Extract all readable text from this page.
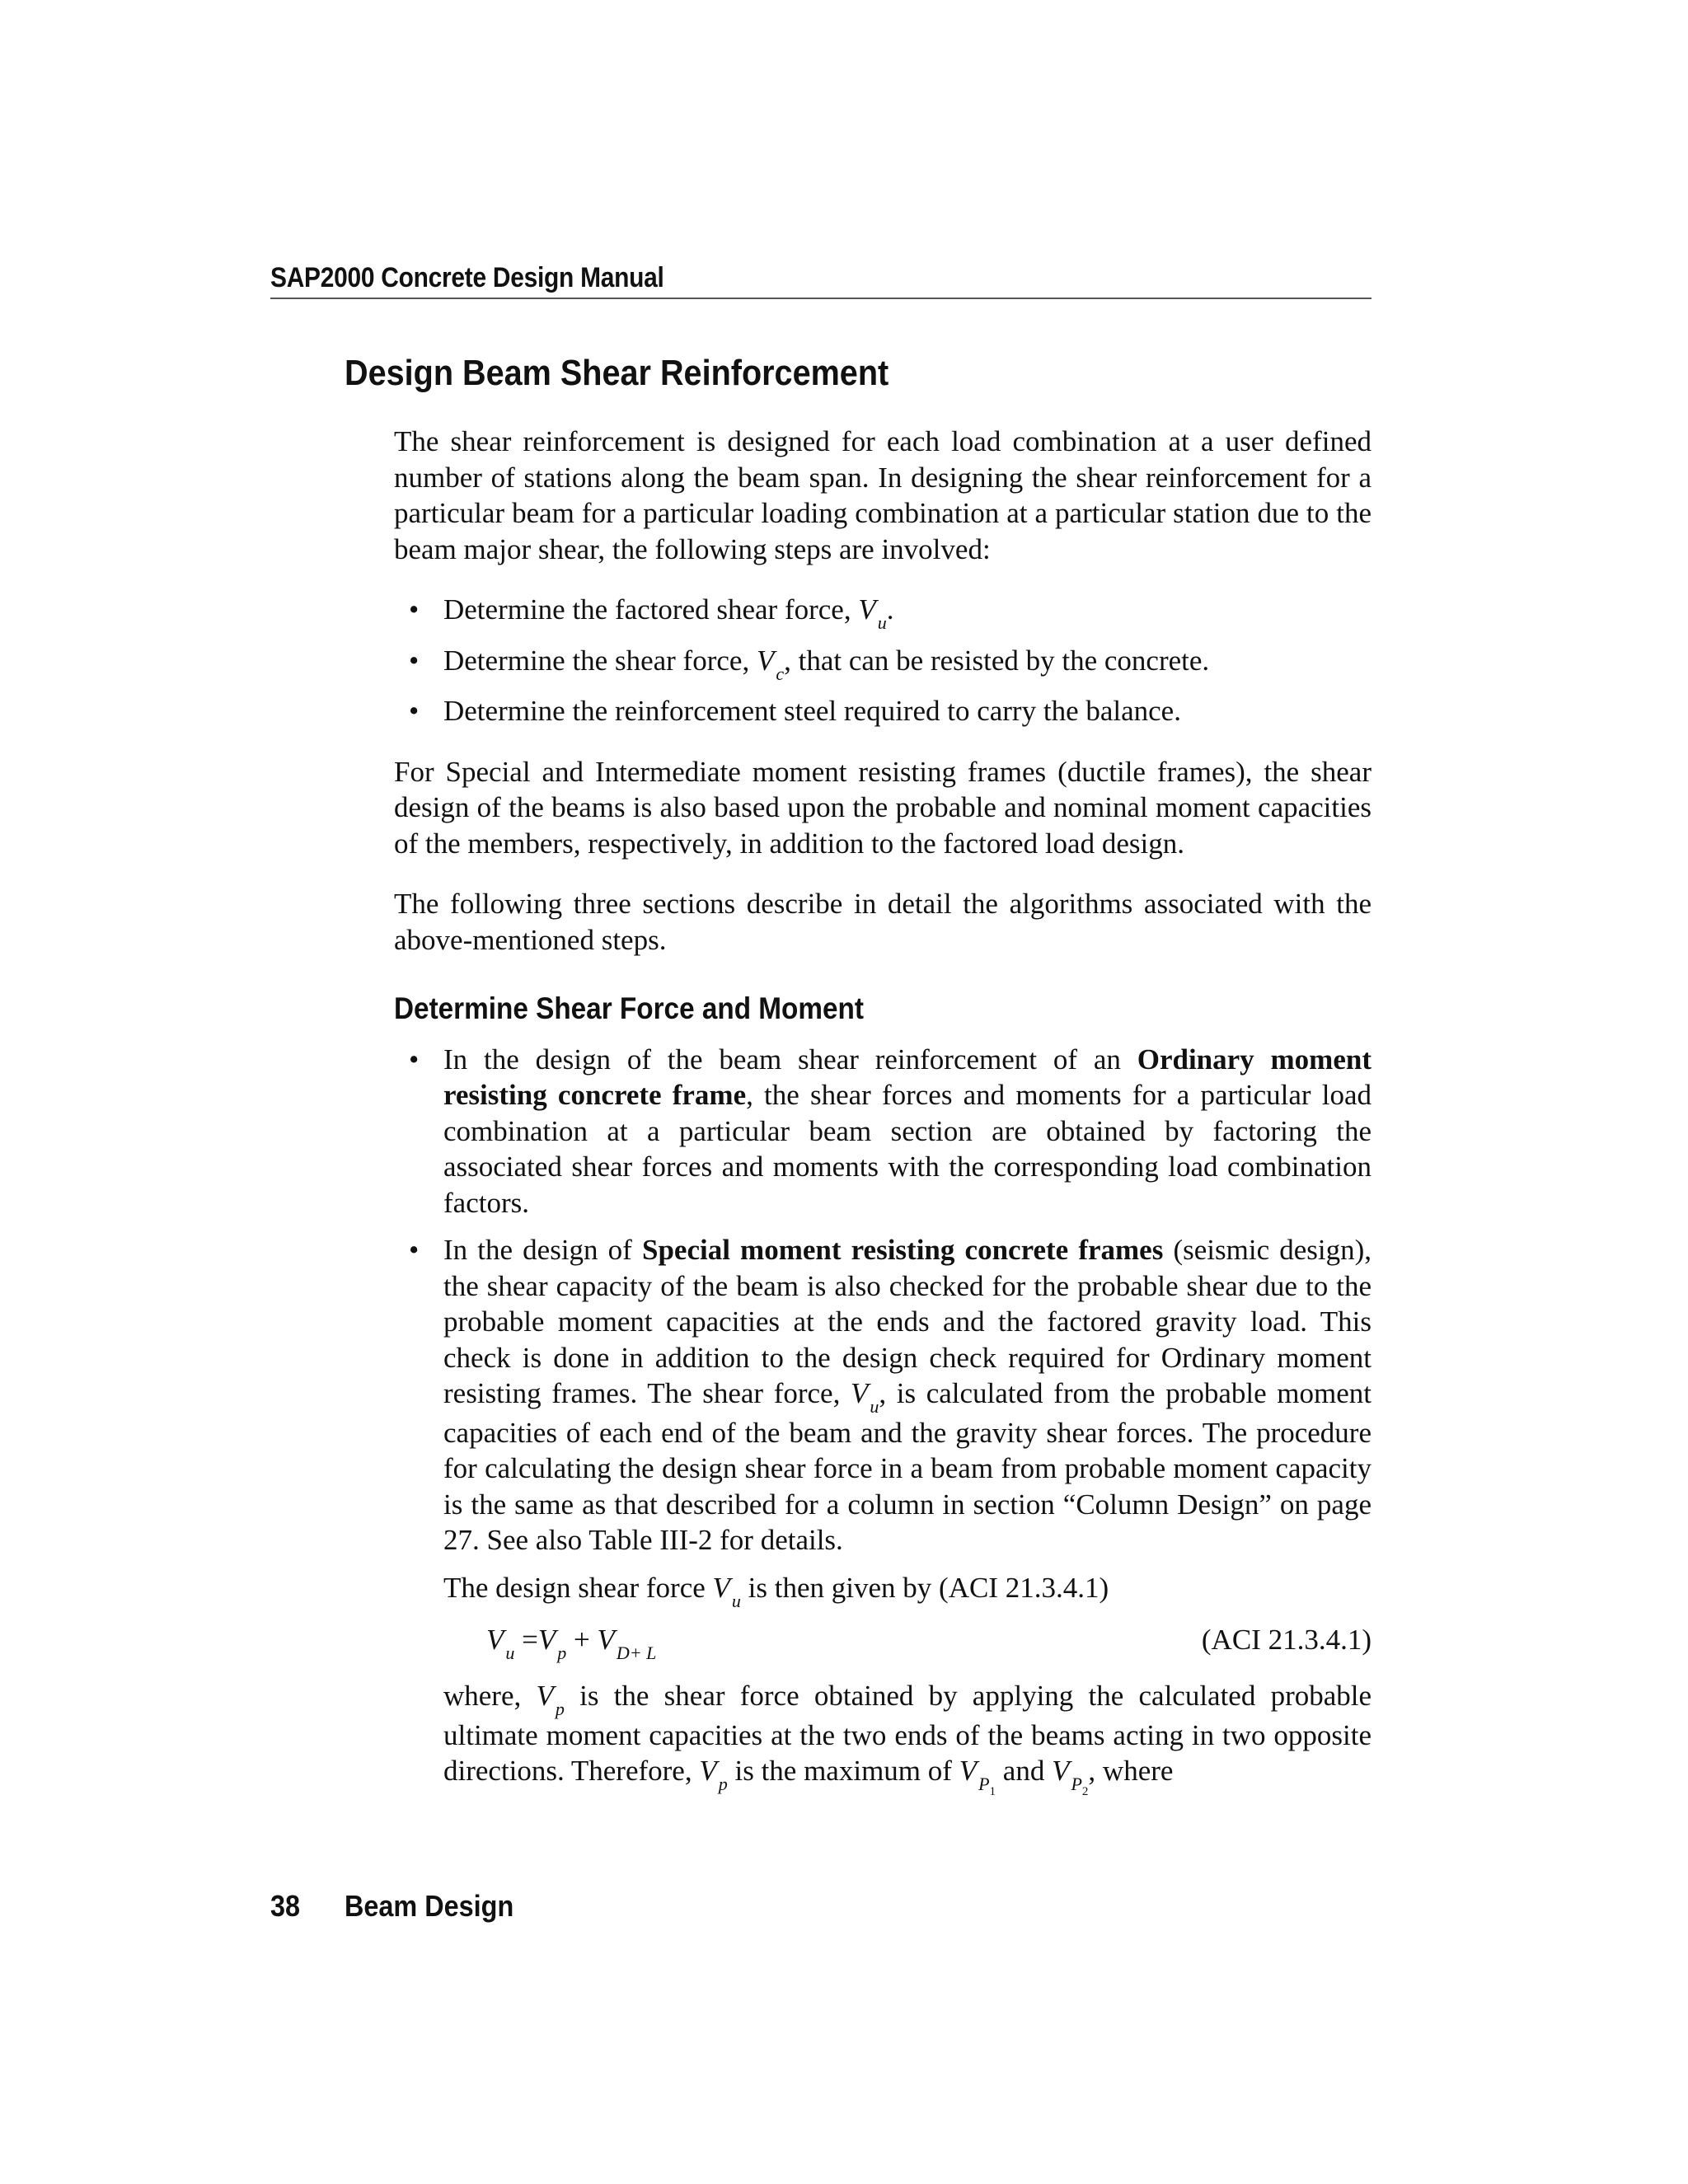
SAP2000 Concrete Design Manual
Design Beam Shear Reinforcement

The shear reinforcement is designed for each load combination at a user defined number of stations along the beam span. In designing the shear reinforcement for a particular beam for a particular loading combination at a particular station due to the beam major shear, the following steps are involved:

• Determine the factored shear force, $V_u$.
• Determine the shear force, $V_c$, that can be resisted by the concrete.
• Determine the reinforcement steel required to carry the balance.

For Special and Intermediate moment resisting frames (ductile frames), the shear design of the beams is also based upon the probable and nominal moment capacities of the members, respectively, in addition to the factored load design.

The following three sections describe in detail the algorithms associated with the above-mentioned steps.

Determine Shear Force and Moment
• In the design of the beam shear reinforcement of an Ordinary moment resisting concrete frame, the shear forces and moments for a particular load combination at a particular beam section are obtained by factoring the associated shear forces and moments with the corresponding load combination factors.
• In the design of Special moment resisting concrete frames (seismic design), the shear capacity of the beam is also checked for the probable shear due to the probable moment capacities at the ends and the factored gravity load. This check is done in addition to the design check required for Ordinary moment resisting frames. The shear force, $V_u$, is calculated from the probable moment capacities of each end of the beam and the gravity shear forces. The procedure for calculating the design shear force in a beam from probable moment capacity is the same as that described for a column in section “Column Design” on page 27. See also Table III-2 for details.

The design shear force $V_u$ is then given by (ACI 21.3.4.1)

$V_u =V_p + V_{D+ L}$	(ACI 21.3.4.1)

where, $V_p$ is the shear force obtained by applying the calculated probable ultimate moment capacities at the two ends of the beams acting in two opposite directions. Therefore, $V_p$ is the maximum of $V_{P_1}$ and $V_{P_2}$, where

38 Beam Design
